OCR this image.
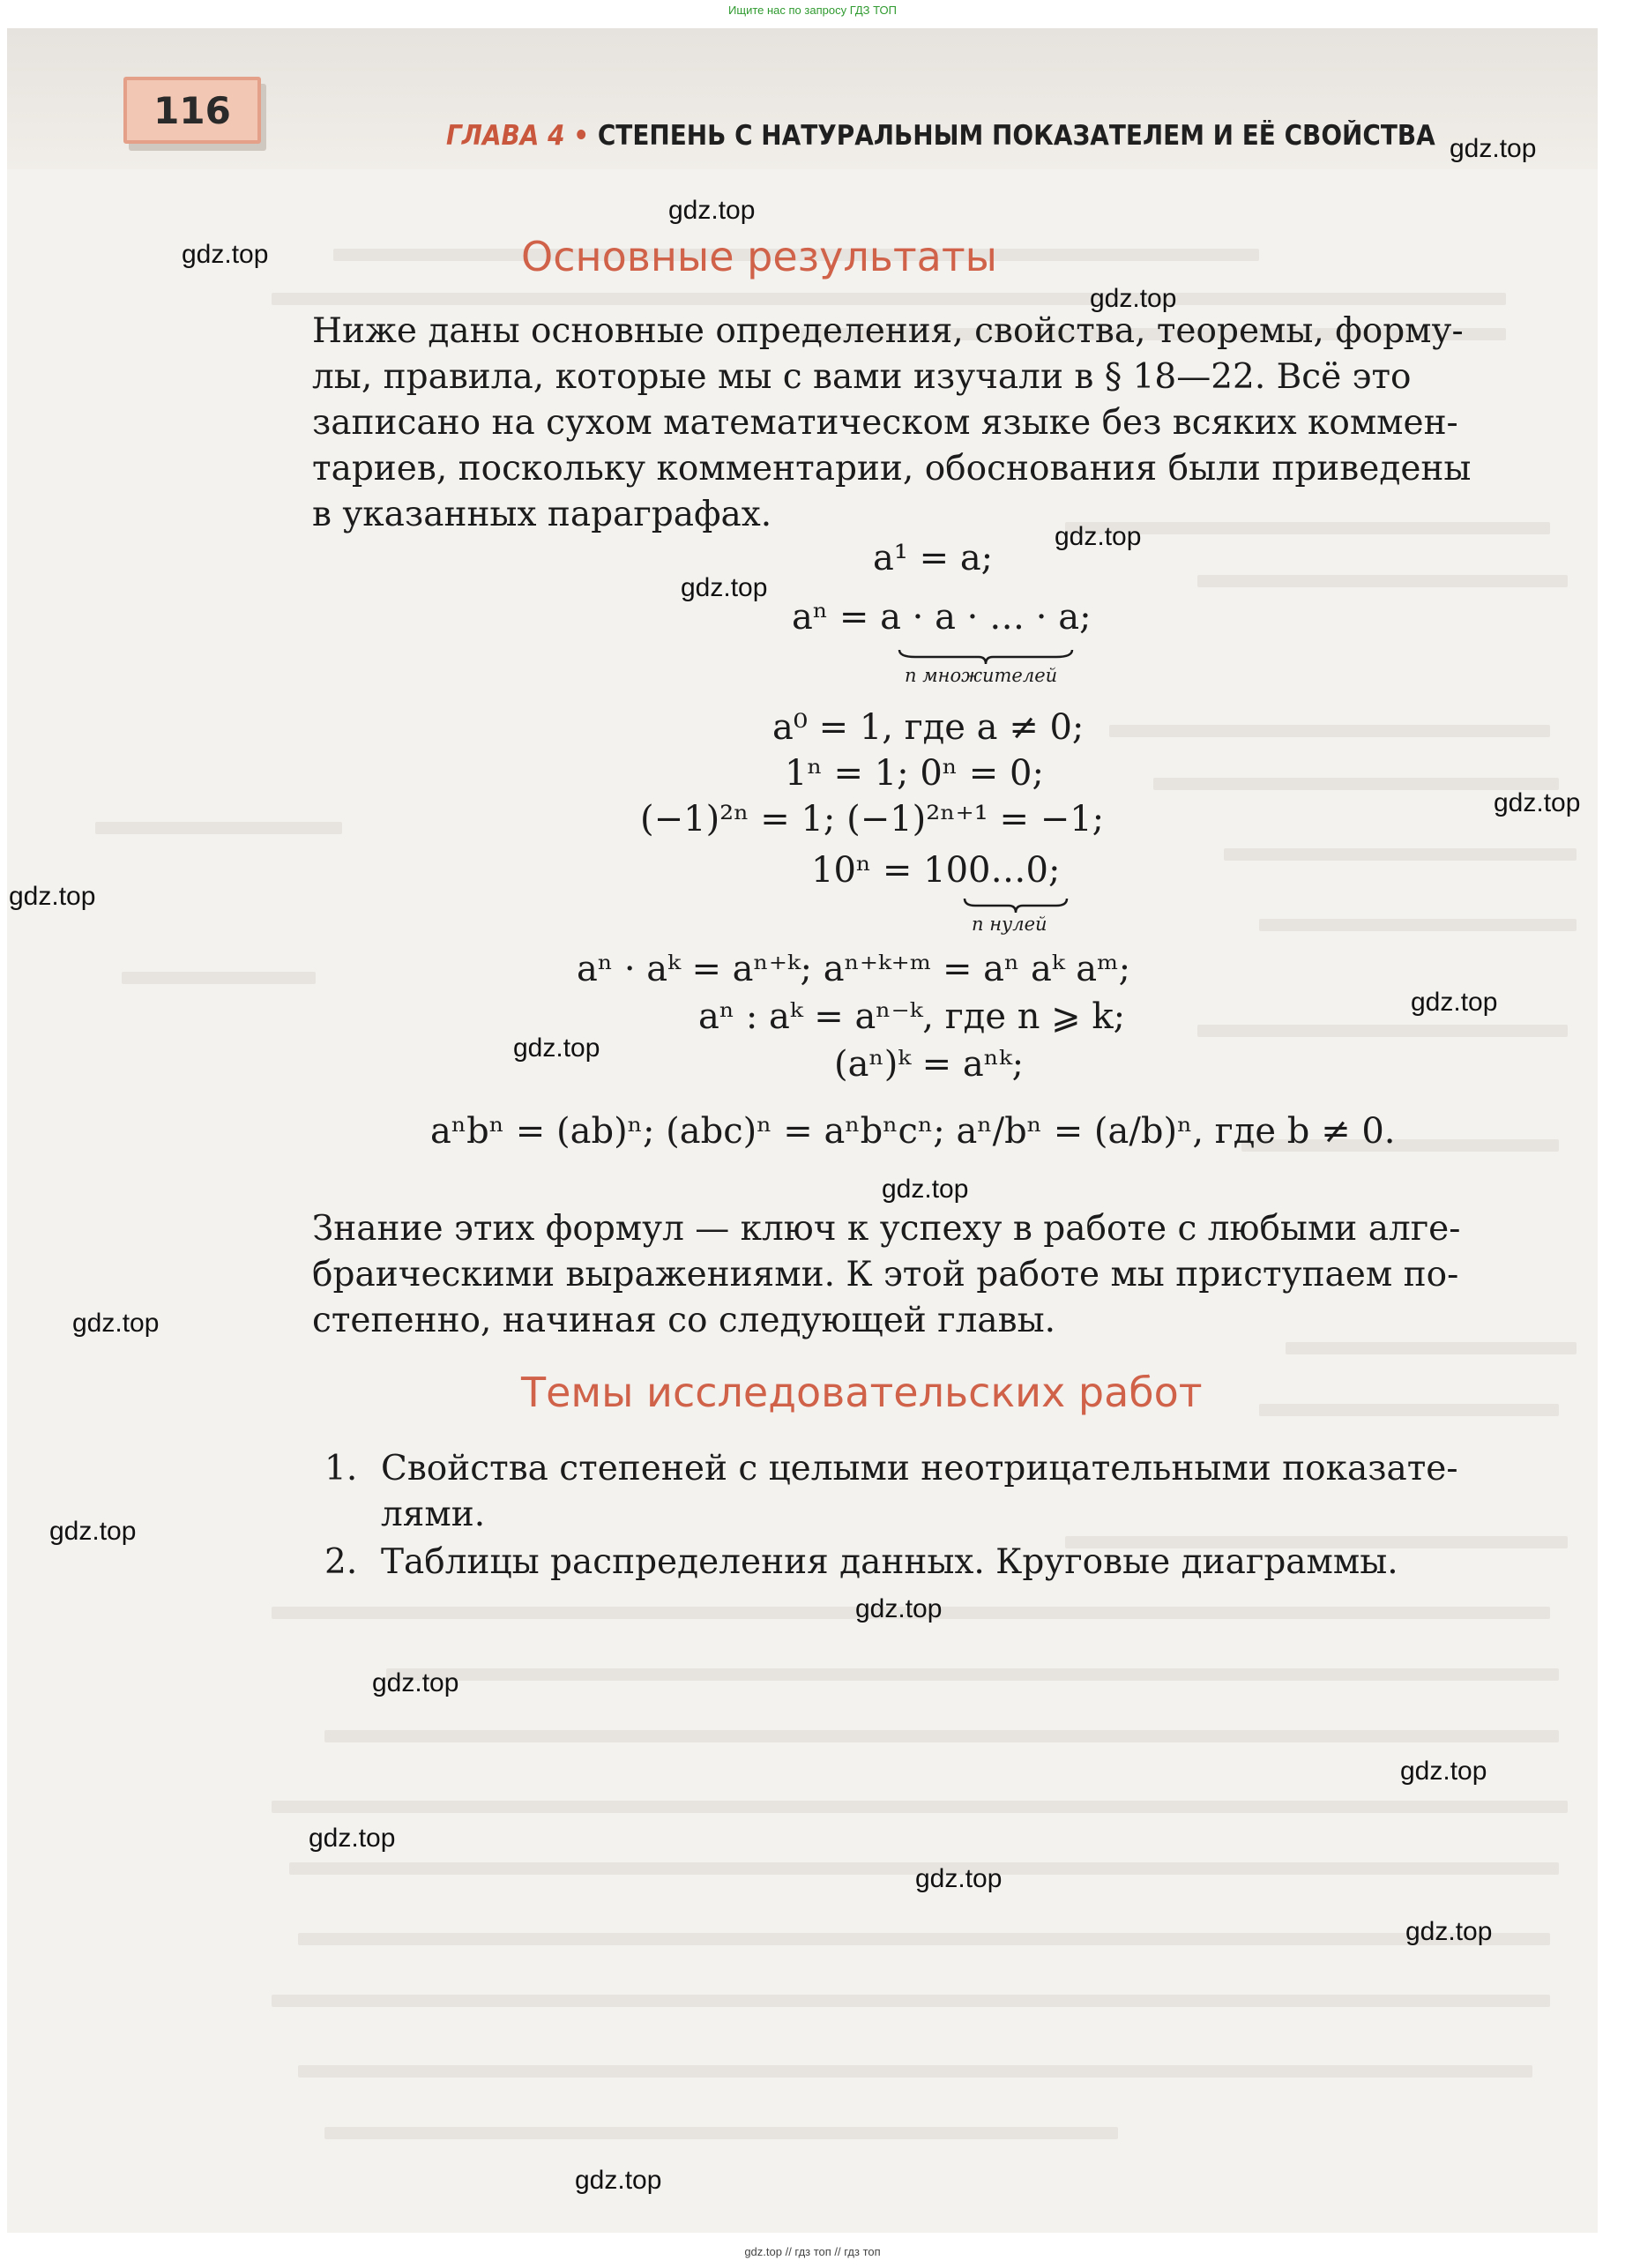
Ищите нас по запросу ГДЗ ТОП
116
ГЛАВА 4 • СТЕПЕНЬ С НАТУРАЛЬНЫМ ПОКАЗАТЕЛЕМ И ЕЁ СВОЙСТВА
Основные результаты
Ниже даны основные определения, свойства, теоремы, форму-
лы, правила, которые мы с вами изучали в § 18—22. Всё это
записано на сухом математическом языке без всяких коммен-
тариев, поскольку комментарии, обоснования были приведены
в указанных параграфах.
a¹ = a;
aⁿ = a · a · … · a;
n множителей
a⁰ = 1, где a ≠ 0;
1ⁿ = 1; 0ⁿ = 0;
(−1)²ⁿ = 1; (−1)²ⁿ⁺¹ = −1;
10ⁿ = 100…0;
n нулей
aⁿ · aᵏ = aⁿ⁺ᵏ; aⁿ⁺ᵏ⁺ᵐ = aⁿ aᵏ aᵐ;
aⁿ : aᵏ = aⁿ⁻ᵏ, где n ⩾ k;
(aⁿ)ᵏ = aⁿᵏ;
aⁿbⁿ = (ab)ⁿ; (abc)ⁿ = aⁿbⁿcⁿ; aⁿ/bⁿ = (a/b)ⁿ, где b ≠ 0.
Знание этих формул — ключ к успеху в работе с любыми алге-
браическими выражениями. К этой работе мы приступаем по-
степенно, начиная со следующей главы.
Темы исследовательских работ
1. Свойства степеней с целыми неотрицательными показате-
лями.
2. Таблицы распределения данных. Круговые диаграммы.
gdz.top
gdz.top
gdz.top
gdz.top
gdz.top
gdz.top
gdz.top
gdz.top
gdz.top
gdz.top
gdz.top
gdz.top
gdz.top
gdz.top
gdz.top
gdz.top
gdz.top
gdz.top
gdz.top
gdz.top
gdz.top // гдз топ // гдз топ
